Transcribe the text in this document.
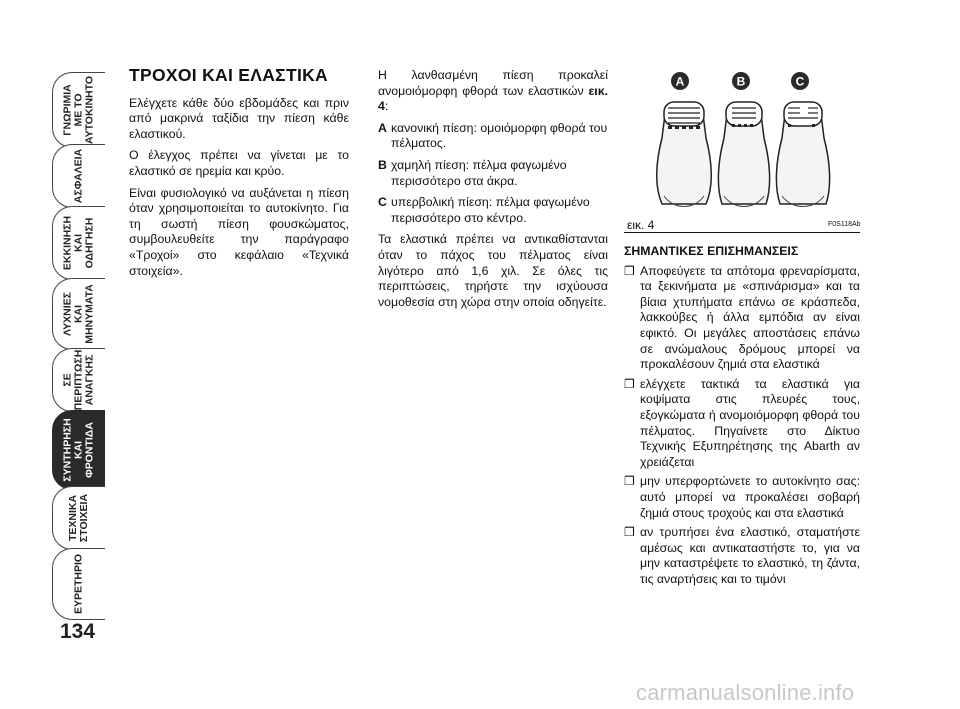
ΓΝΩΡΙΜΙΑ
ΜΕ ΤΟ
ΑΥΤΟΚΙΝΗΤΟ
ΑΣΦΑΛΕΙΑ
ΕΚΚΙΝΗΣΗ
ΚΑΙ
ΟΔΗΓΗΣΗ
ΛΥΧΝΙΕΣ
ΚΑΙ
ΜΗΝΥΜΑΤΑ
ΣΕ
ΠΕΡΙΠΤΩΣΗ
ΑΝΑΓΚΗΣ
ΣΥΝΤΗΡΗΣΗ
ΚΑΙ
ΦΡΟΝΤΙΔΑ
ΤΕΧΝΙΚΑ
ΣΤΟΙΧΕΙΑ
ΕΥΡΕΤΗΡΙΟ
134
ΤΡΟΧΟΙ ΚΑΙ ΕΛΑΣΤΙΚΑ

Ελέγχετε κάθε δύο εβδομάδες και πριν από μακρινά ταξίδια την πίεση κάθε ελαστικού.

Ο έλεγχος πρέπει να γίνεται με το ελαστικό σε ηρεμία και κρύο.

Είναι φυσιολογικό να αυξάνεται η πίεση όταν χρησιμοποιείται το αυτοκίνητο. Για τη σωστή πίεση φουσκώματος, συμβουλευθείτε την παράγραφο «Τροχοί» στο κεφάλαιο «Τεχνικά στοιχεία».

Η λανθασμένη πίεση προκαλεί ανομοιόμορφη φθορά των ελαστικών εικ. 4:

A κανονική πίεση: ομοιόμορφη φθορά του πέλματος.
B χαμηλή πίεση: πέλμα φαγωμένο περισσότερο στα άκρα.
C υπερβολική πίεση: πέλμα φαγωμένο περισσότερο στο κέντρο.

Τα ελαστικά πρέπει να αντικαθίστανται όταν το πάχος του πέλματος είναι λιγότερο από 1,6 χιλ. Σε όλες τις περιπτώσεις, τηρήστε την ισχύουσα νομοθεσία στη χώρα στην οποία οδηγείτε.

A	B	C
εικ. 4	F0S118Ab
ΣΗΜΑΝΤΙΚΕΣ ΕΠΙΣΗΜΑΝΣΕΙΣ
❒ Αποφεύγετε τα απότομα φρεναρίσματα, τα ξεκινήματα με «σπινάρισμα» και τα βίαια χτυπήματα επάνω σε κράσπεδα, λακκούβες ή άλλα εμπόδια αν είναι εφικτό. Οι μεγάλες αποστάσεις επάνω σε ανώμαλους δρόμους μπορεί να προκαλέσουν ζημιά στα ελαστικά
❒ ελέγχετε τακτικά τα ελαστικά για κοψίματα στις πλευρές τους, εξογκώματα ή ανομοιόμορφη φθορά του πέλματος. Πηγαίνετε στο Δίκτυο Τεχνικής Εξυπηρέτησης της Abarth αν χρειάζεται
❒ μην υπερφορτώνετε το αυτοκίνητο σας: αυτό μπορεί να προκαλέσει σοβαρή ζημιά στους τροχούς και στα ελαστικά
❒ αν τρυπήσει ένα ελαστικό, σταματήστε αμέσως και αντικαταστήστε το, για να μην καταστρέψετε το ελαστικό, τη ζάντα, τις αναρτήσεις και το τιμόνι
carmanualsonline.info
